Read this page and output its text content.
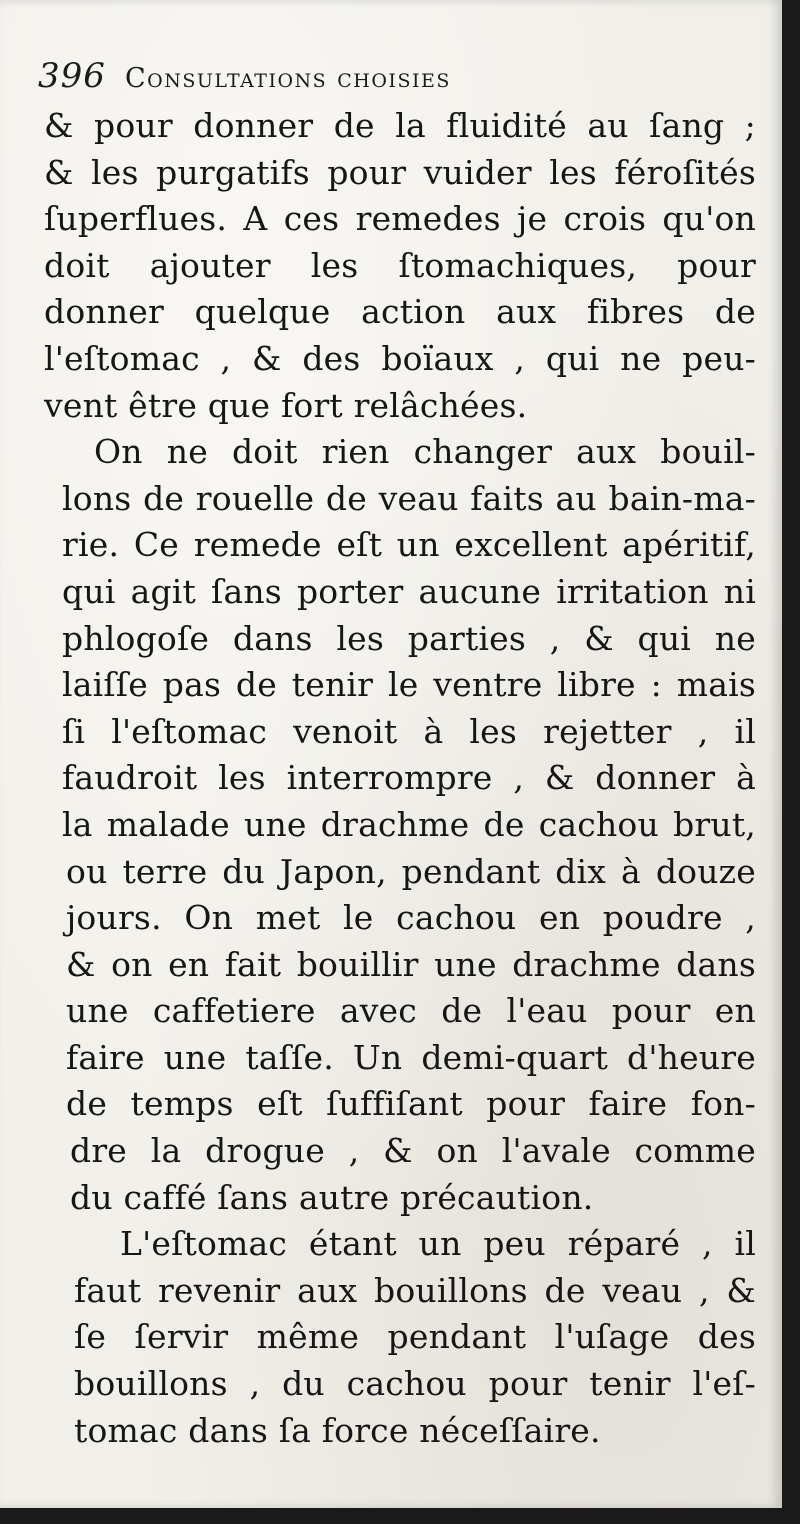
396 Consultations choisies
& pour donner de la fluidité au ſang ;
& les purgatifs pour vuider les féroſités
ſuperflues. A ces remedes je crois qu'on
doit ajouter les ſtomachiques, pour
donner quelque action aux fibres de
l'eſtomac , & des boïaux , qui ne peu-
vent être que fort relâchées.
On ne doit rien changer aux bouil-
lons de rouelle de veau faits au bain-ma-
rie. Ce remede eſt un excellent apéritif,
qui agit ſans porter aucune irritation ni
phlogoſe dans les parties , & qui ne
laiſſe pas de tenir le ventre libre : mais
ſi l'eſtomac venoit à les rejetter , il
faudroit les interrompre , & donner à
la malade une drachme de cachou brut,
ou terre du Japon, pendant dix à douze
jours. On met le cachou en poudre ,
& on en fait bouillir une drachme dans
une caffetiere avec de l'eau pour en
faire une taſſe. Un demi-quart d'heure
de temps eſt ſuffiſant pour faire fon-
dre la drogue , & on l'avale comme
du caffé ſans autre précaution.
L'eſtomac étant un peu réparé , il
faut revenir aux bouillons de veau , &
ſe ſervir même pendant l'uſage des
bouillons , du cachou pour tenir l'eſ-
tomac dans ſa force néceſſaire.
